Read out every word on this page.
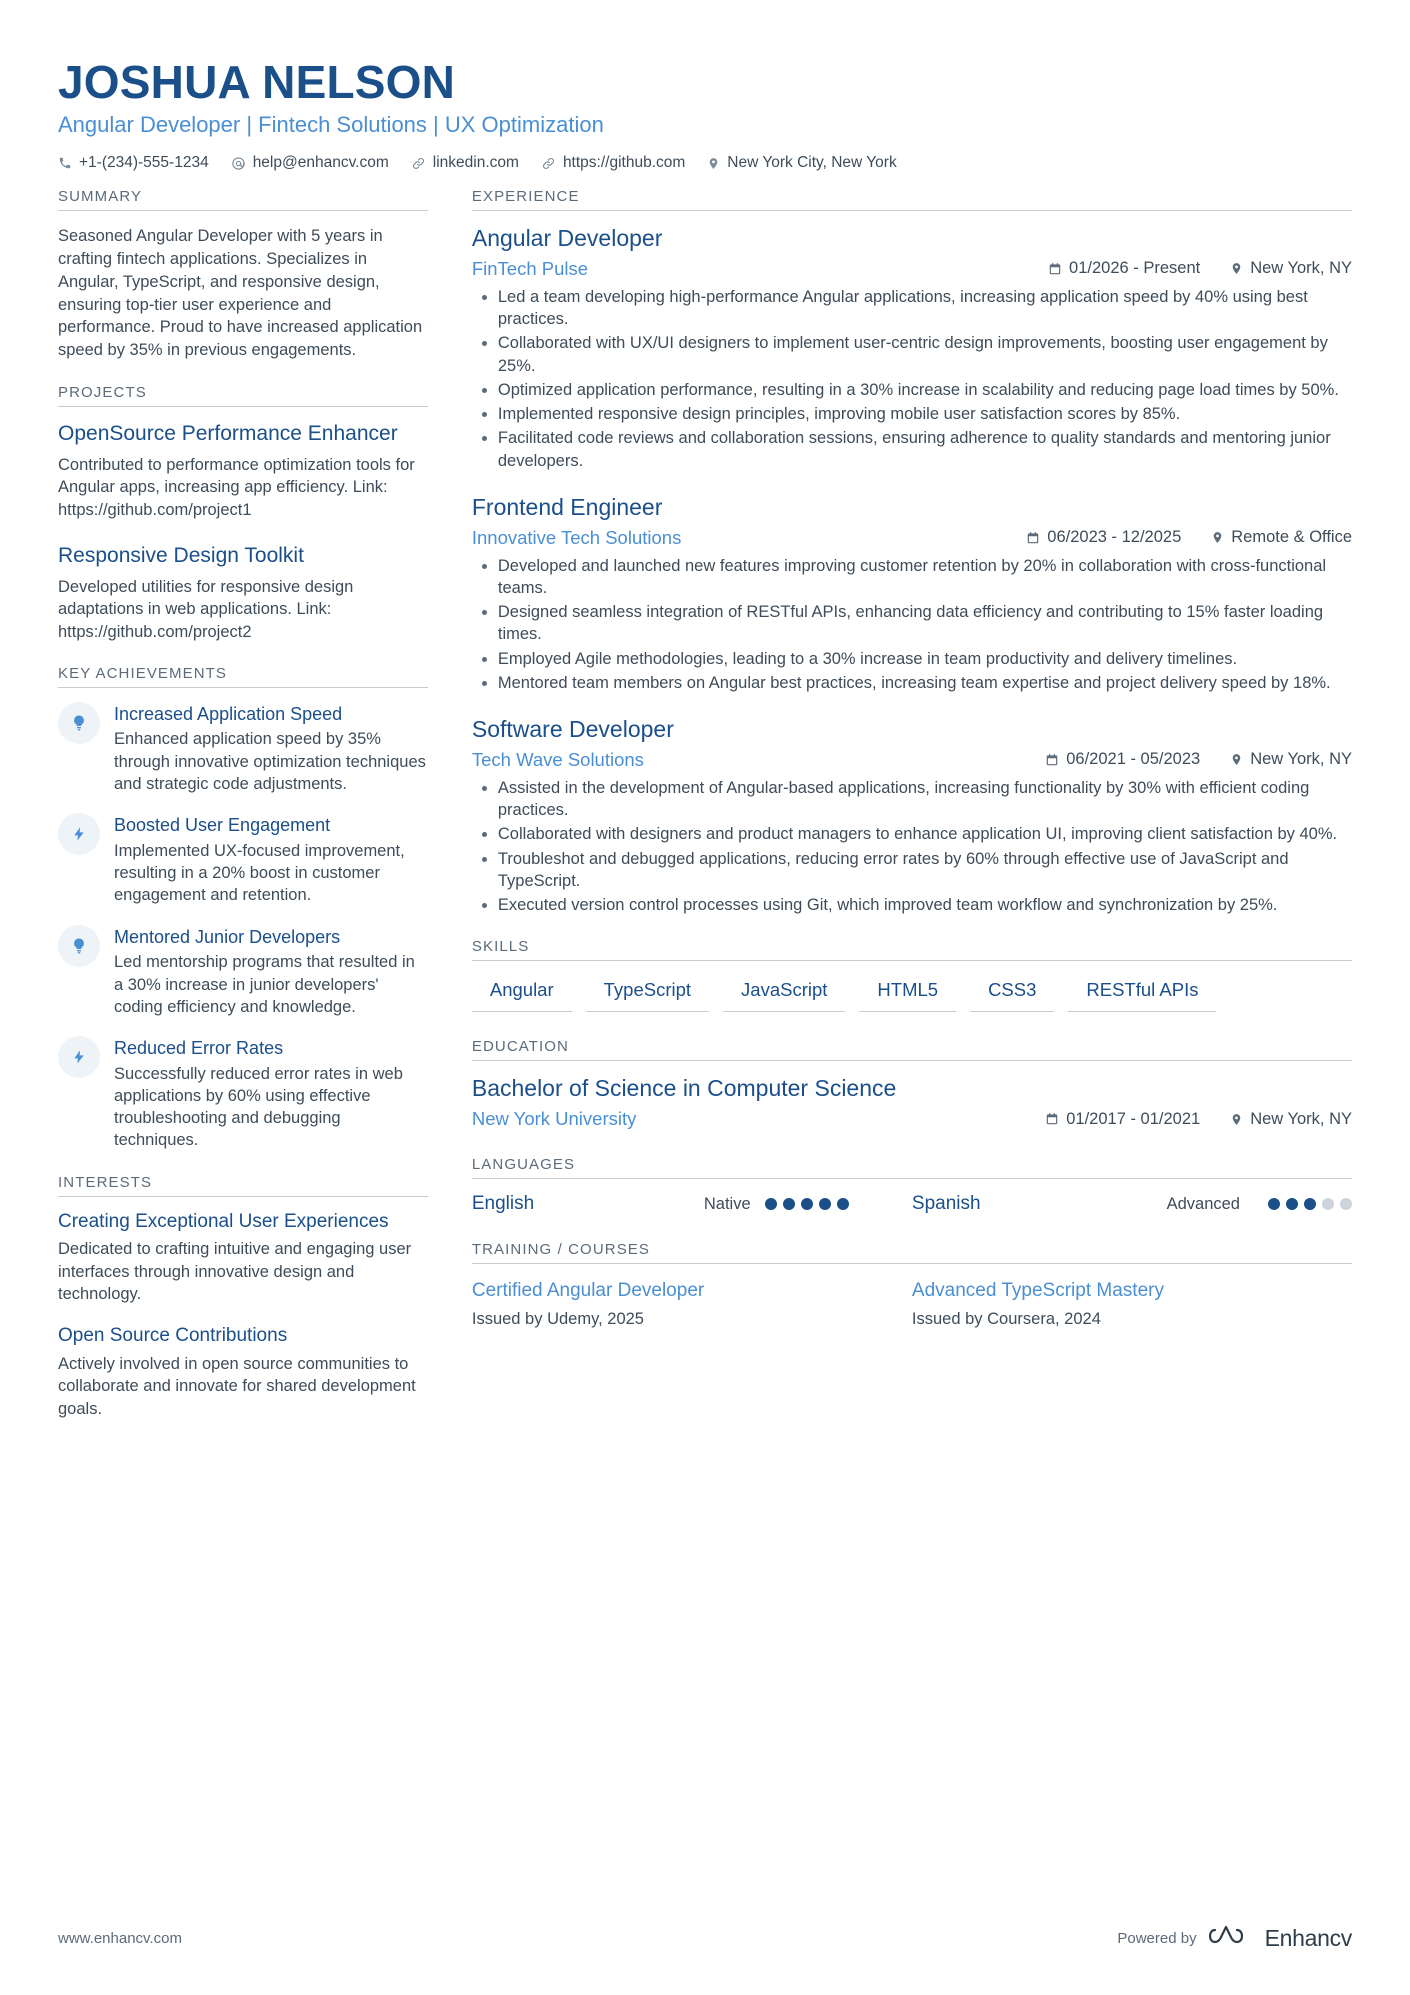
JOSHUA NELSON
Angular Developer | Fintech Solutions | UX Optimization
+1-(234)-555-1234	help@enhancv.com	linkedin.com	https://github.com	New York City, New York
SUMMARY

Seasoned Angular Developer with 5 years in crafting fintech applications. Specializes in Angular, TypeScript, and responsive design, ensuring top-tier user experience and performance. Proud to have increased application speed by 35% in previous engagements.

PROJECTS
OpenSource Performance Enhancer

Contributed to performance optimization tools for Angular apps, increasing app efficiency. Link: https://github.com/project1

Responsive Design Toolkit

Developed utilities for responsive design adaptations in web applications. Link: https://github.com/project2

KEY ACHIEVEMENTS
Increased Application Speed

Enhanced application speed by 35% through innovative optimization techniques and strategic code adjustments.

Boosted User Engagement

Implemented UX-focused improvement, resulting in a 20% boost in customer engagement and retention.

Mentored Junior Developers

Led mentorship programs that resulted in a 30% increase in junior developers' coding efficiency and knowledge.

Reduced Error Rates

Successfully reduced error rates in web applications by 60% using effective troubleshooting and debugging techniques.

INTERESTS
Creating Exceptional User Experiences

Dedicated to crafting intuitive and engaging user interfaces through innovative design and technology.

Open Source Contributions

Actively involved in open source communities to collaborate and innovate for shared development goals.

EXPERIENCE
Angular Developer
FinTech Pulse	01/2026 - Present	New York, NY
• Led a team developing high-performance Angular applications, increasing application speed by 40% using best practices.
• Collaborated with UX/UI designers to implement user-centric design improvements, boosting user engagement by 25%.
• Optimized application performance, resulting in a 30% increase in scalability and reducing page load times by 50%.
• Implemented responsive design principles, improving mobile user satisfaction scores by 85%.
• Facilitated code reviews and collaboration sessions, ensuring adherence to quality standards and mentoring junior developers.
Frontend Engineer
Innovative Tech Solutions	06/2023 - 12/2025	Remote & Office
• Developed and launched new features improving customer retention by 20% in collaboration with cross-functional teams.
• Designed seamless integration of RESTful APIs, enhancing data efficiency and contributing to 15% faster loading times.
• Employed Agile methodologies, leading to a 30% increase in team productivity and delivery timelines.
• Mentored team members on Angular best practices, increasing team expertise and project delivery speed by 18%.
Software Developer
Tech Wave Solutions	06/2021 - 05/2023	New York, NY
• Assisted in the development of Angular-based applications, increasing functionality by 30% with efficient coding practices.
• Collaborated with designers and product managers to enhance application UI, improving client satisfaction by 40%.
• Troubleshot and debugged applications, reducing error rates by 60% through effective use of JavaScript and TypeScript.
• Executed version control processes using Git, which improved team workflow and synchronization by 25%.
SKILLS
Angular	TypeScript	JavaScript	HTML5	CSS3	RESTful APIs
EDUCATION
Bachelor of Science in Computer Science
New York University	01/2017 - 01/2021	New York, NY
LANGUAGES
English	Native	Spanish	Advanced
TRAINING / COURSES
Certified Angular Developer

Issued by Udemy, 2025

Advanced TypeScript Mastery

Issued by Coursera, 2024

www.enhancv.com	Powered by	Enhancv
